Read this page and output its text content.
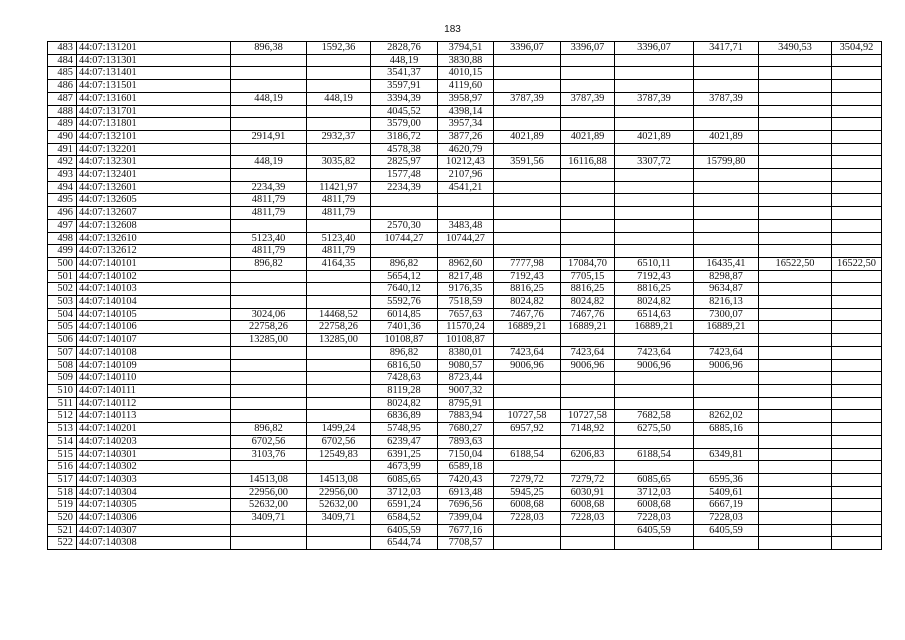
183
483	44:07:131201	896,38	1592,36	2828,76	3794,51	3396,07	3396,07	3396,07	3417,71	3490,53	3504,92
484	44:07:131301			448,19	3830,88						
485	44:07:131401			3541,37	4010,15						
486	44:07:131501			3597,91	4119,60						
487	44:07:131601	448,19	448,19	3394,39	3958,97	3787,39	3787,39	3787,39	3787,39		
488	44:07:131701			4045,52	4398,14						
489	44:07:131801			3579,00	3957,34						
490	44:07:132101	2914,91	2932,37	3186,72	3877,26	4021,89	4021,89	4021,89	4021,89		
491	44:07:132201			4578,38	4620,79						
492	44:07:132301	448,19	3035,82	2825,97	10212,43	3591,56	16116,88	3307,72	15799,80		
493	44:07:132401			1577,48	2107,96						
494	44:07:132601	2234,39	11421,97	2234,39	4541,21						
495	44:07:132605	4811,79	4811,79								
496	44:07:132607	4811,79	4811,79								
497	44:07:132608			2570,30	3483,48						
498	44:07:132610	5123,40	5123,40	10744,27	10744,27						
499	44:07:132612	4811,79	4811,79								
500	44:07:140101	896,82	4164,35	896,82	8962,60	7777,98	17084,70	6510,11	16435,41	16522,50	16522,50
501	44:07:140102			5654,12	8217,48	7192,43	7705,15	7192,43	8298,87		
502	44:07:140103			7640,12	9176,35	8816,25	8816,25	8816,25	9634,87		
503	44:07:140104			5592,76	7518,59	8024,82	8024,82	8024,82	8216,13		
504	44:07:140105	3024,06	14468,52	6014,85	7657,63	7467,76	7467,76	6514,63	7300,07		
505	44:07:140106	22758,26	22758,26	7401,36	11570,24	16889,21	16889,21	16889,21	16889,21		
506	44:07:140107	13285,00	13285,00	10108,87	10108,87						
507	44:07:140108			896,82	8380,01	7423,64	7423,64	7423,64	7423,64		
508	44:07:140109			6816,50	9080,57	9006,96	9006,96	9006,96	9006,96		
509	44:07:140110			7428,63	8723,44						
510	44:07:140111			8119,28	9007,32						
511	44:07:140112			8024,82	8795,91						
512	44:07:140113			6836,89	7883,94	10727,58	10727,58	7682,58	8262,02		
513	44:07:140201	896,82	1499,24	5748,95	7680,27	6957,92	7148,92	6275,50	6885,16		
514	44:07:140203	6702,56	6702,56	6239,47	7893,63						
515	44:07:140301	3103,76	12549,83	6391,25	7150,04	6188,54	6206,83	6188,54	6349,81		
516	44:07:140302			4673,99	6589,18						
517	44:07:140303	14513,08	14513,08	6085,65	7420,43	7279,72	7279,72	6085,65	6595,36		
518	44:07:140304	22956,00	22956,00	3712,03	6913,48	5945,25	6030,91	3712,03	5409,61		
519	44:07:140305	52632,00	52632,00	6591,24	7696,56	6008,68	6008,68	6008,68	6667,19		
520	44:07:140306	3409,71	3409,71	6584,52	7399,04	7228,03	7228,03	7228,03	7228,03		
521	44:07:140307			6405,59	7677,16			6405,59	6405,59		
522	44:07:140308			6544,74	7708,57						
